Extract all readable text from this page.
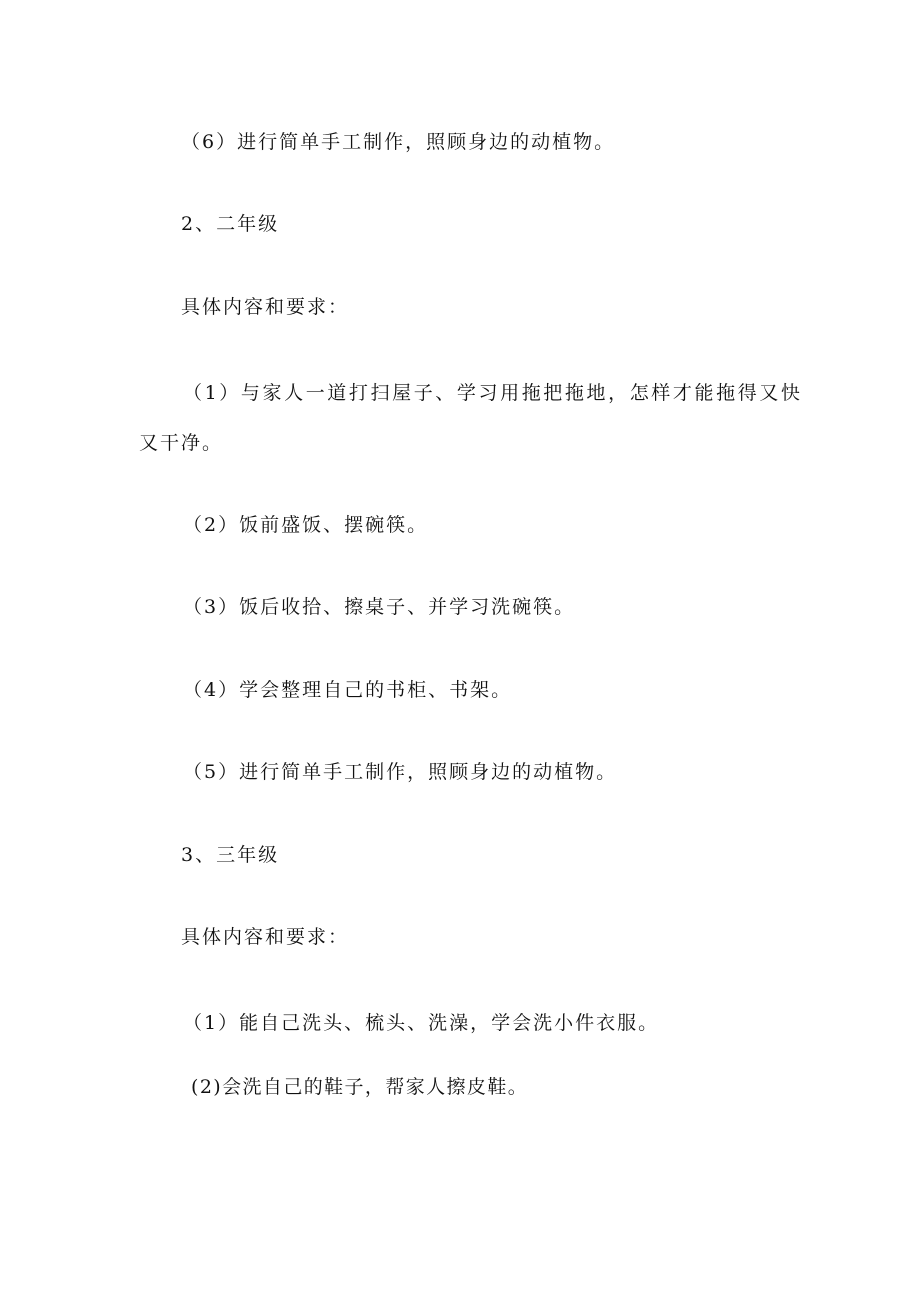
（6）进行简单手工制作，照顾身边的动植物。
2、二年级
具体内容和要求：
（1）与家人一道打扫屋子、学习用拖把拖地，怎样才能拖得又快
又干净。
（2）饭前盛饭、摆碗筷。
（3）饭后收拾、擦桌子、并学习洗碗筷。
（4）学会整理自己的书柜、书架。
（5）进行简单手工制作，照顾身边的动植物。
3、三年级
具体内容和要求：
（1）能自己洗头、梳头、洗澡，学会洗小件衣服。
(2)会洗自己的鞋子，帮家人擦皮鞋。
